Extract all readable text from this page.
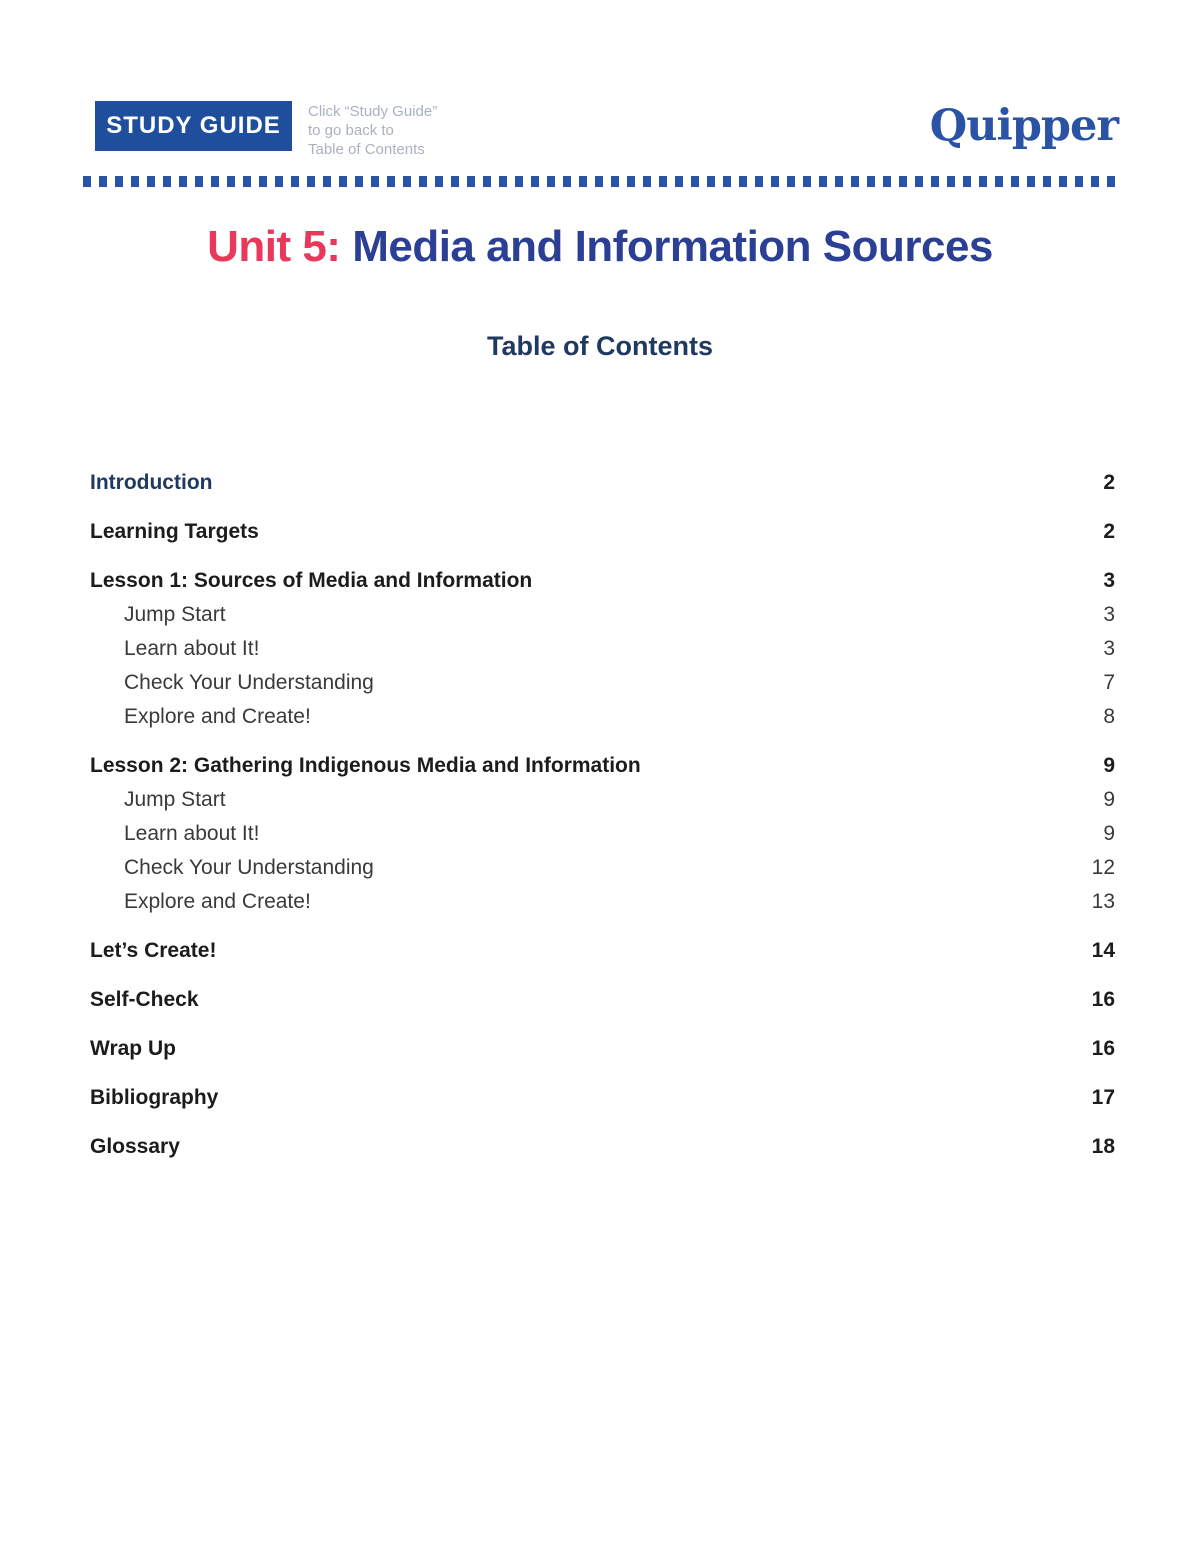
STUDY GUIDE
Click “Study Guide”
to go back to
Table of Contents	Quipper
Unit 5: Media and Information Sources
Table of Contents
Introduction	2
Learning Targets	2
Lesson 1: Sources of Media and Information	3
Jump Start	3
Learn about It!	3
Check Your Understanding	7
Explore and Create!	8
Lesson 2: Gathering Indigenous Media and Information	9
Jump Start	9
Learn about It!	9
Check Your Understanding	12
Explore and Create!	13
Let’s Create!	14
Self-Check	16
Wrap Up	16
Bibliography	17
Glossary	18
